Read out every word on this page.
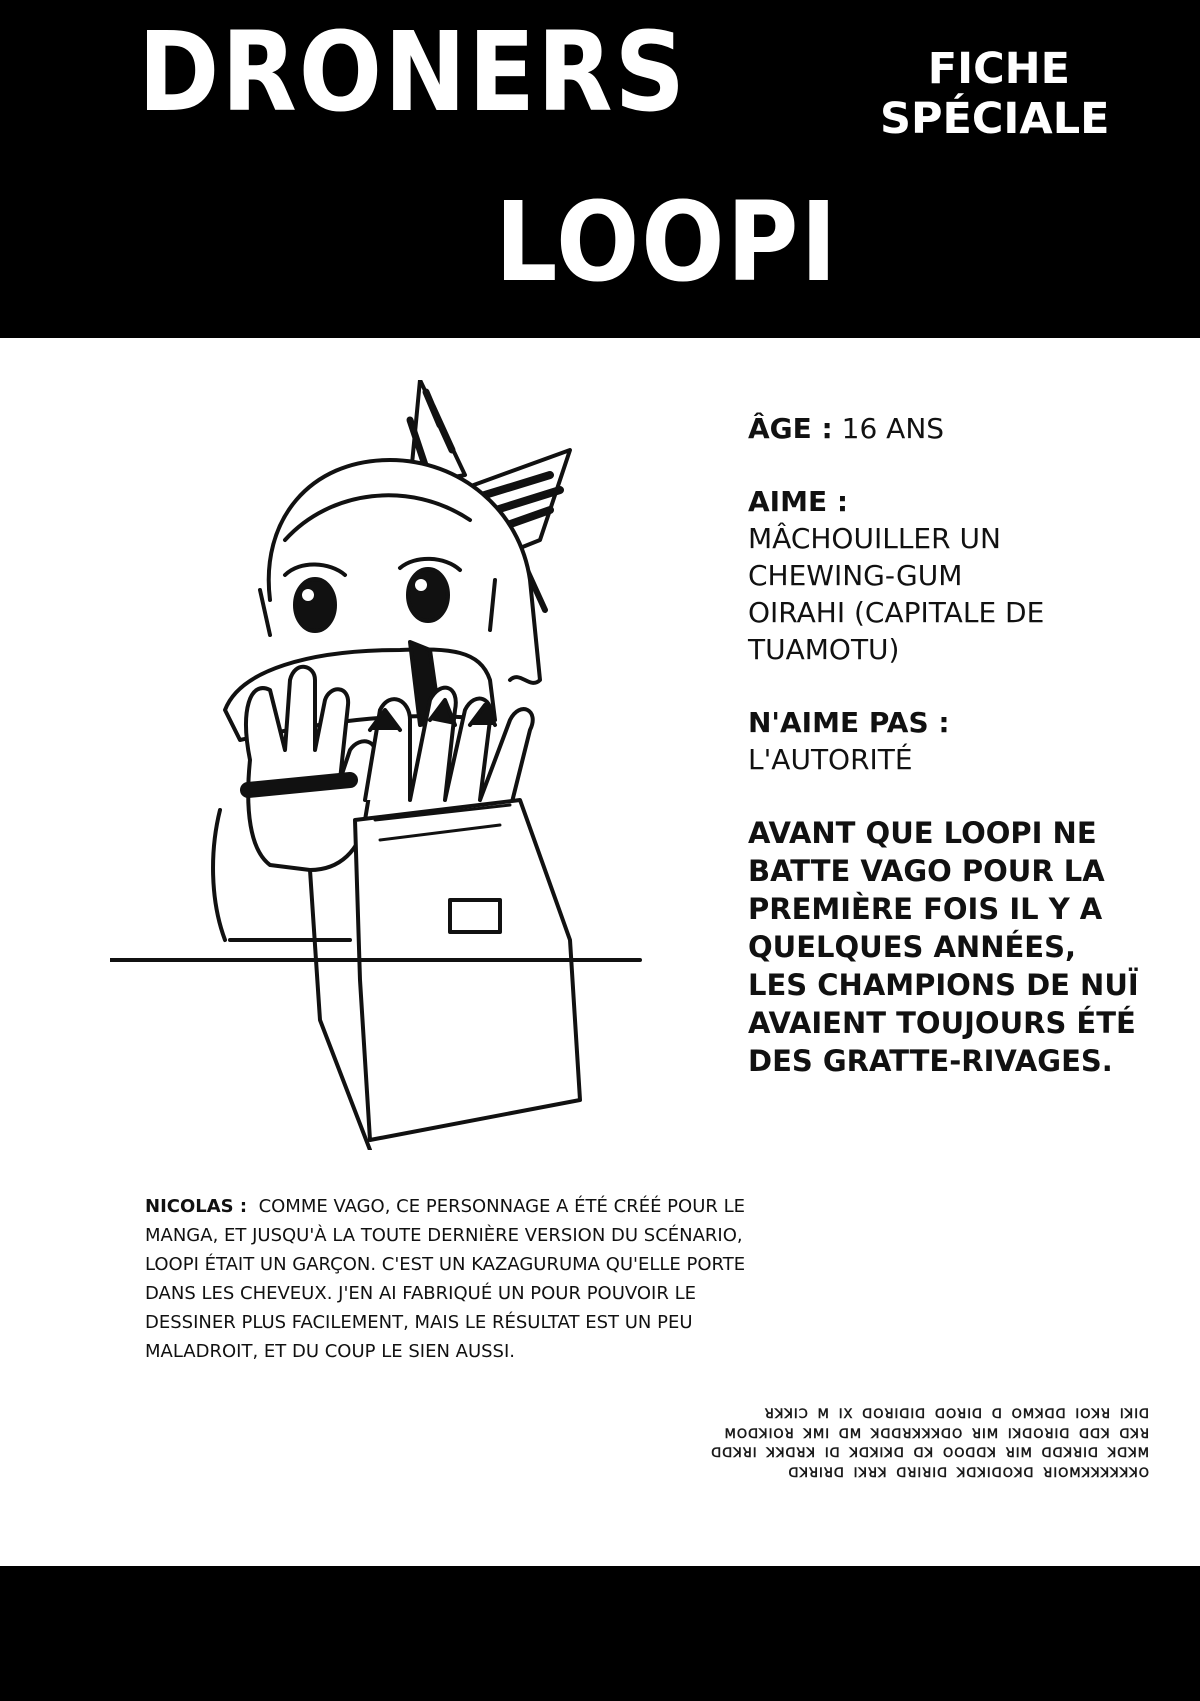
DRONERS
LOOPI
FICHE
SPÉCIALE
ÂGE : 16 ANS
AIME :
MÂCHOUILLER UN
CHEWING-GUM
OIRAHI (CAPITALE DE
TUAMOTU)
N'AIME PAS :
L'AUTORITÉ
AVANT QUE LOOPI NE
BATTE VAGO POUR LA
PREMIÈRE FOIS IL Y A
QUELQUES ANNÉES,
LES CHAMPIONS DE NUÏ
AVAIENT TOUJOURS ÉTÉ
DES GRATTE-RIVAGES.
NICOLAS : COMME VAGO, CE PERSONNAGE A ÉTÉ CRÉÉ POUR LE
MANGA, ET JUSQU'À LA TOUTE DERNIÈRE VERSION DU SCÉNARIO,
LOOPI ÉTAIT UN GARÇON. C'EST UN KAZAGURUMA QU'ELLE PORTE
DANS LES CHEVEUX. J'EN AI FABRIQUÉ UN POUR POUVOIR LE
DESSINER PLUS FACILEMENT, MAIS LE RÉSULTAT EST UN PEU
MALADROIT, ET DU COUP LE SIEN AUSSI.
ꓤꓘꓘꓲꓛ ꓟ ꓲꓫ ꓷꓳꓤꓲꓷꓲꓷ ꓷꓳꓤꓲꓷ ꓷ ꓳꓟꓘꓷꓷ ꓲꓳꓘꓤ ꓲꓘꓲꓷ
ꓟꓳꓷꓘꓲꓳꓤ ꓘꓟꓲ ꓷꓟ ꓘꓷꓷꓤꓘꓘꓘꓷꓳ ꓤꓲꓟ ꓲꓘꓷꓳꓤꓲꓷ ꓷꓷꓘ ꓷꓘꓤ
ꓷꓷꓘꓤꓲ ꓘꓘꓷꓤꓘ ꓲꓷ ꓘꓷꓘꓲꓘꓷ ꓷꓘ ꓳꓳꓷꓷꓘ ꓤꓲꓟ ꓷꓷꓘꓤꓲꓷ ꓘꓷꓘꓟ
ꓷꓘꓤꓲꓤꓷ ꓲꓘꓤꓘ ꓷꓤꓲꓤꓲꓷ ꓘꓷꓘꓲꓷꓳꓘꓷ ꓤꓲꓳꓟꓘꓘꓘꓘꓘꓘꓳ
